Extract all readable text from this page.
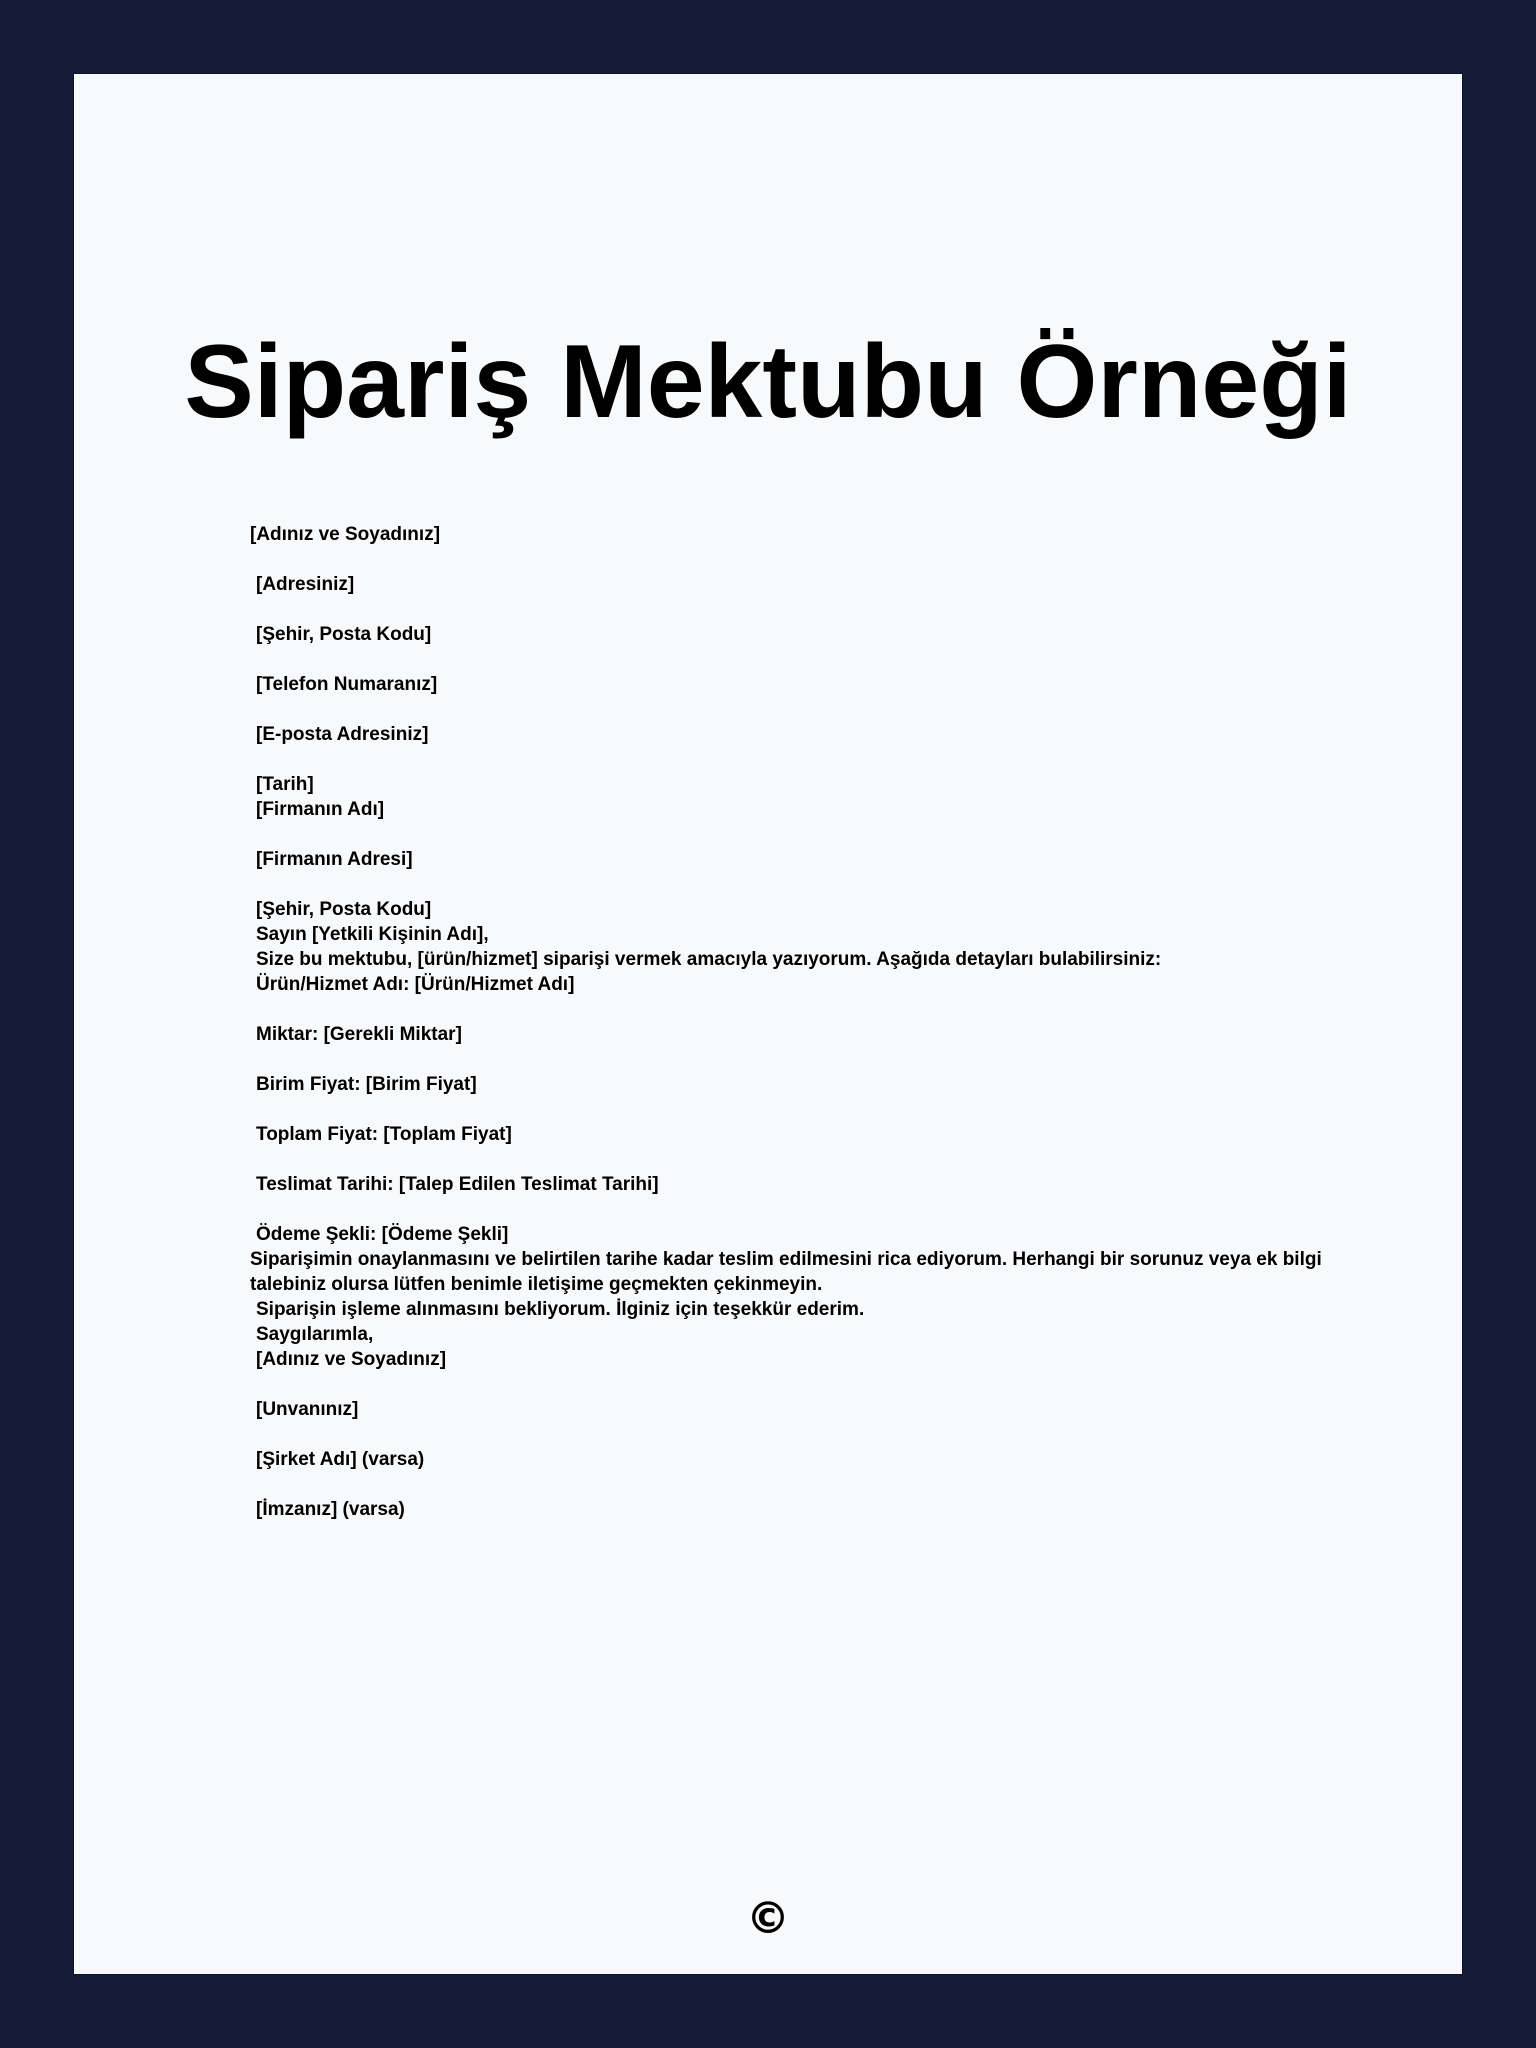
Sipariş Mektubu Örneği
[Adınız ve Soyadınız]
[Adresiniz]
[Şehir, Posta Kodu]
[Telefon Numaranız]
[E-posta Adresiniz]
[Tarih]
[Firmanın Adı]
[Firmanın Adresi]
[Şehir, Posta Kodu]
Sayın [Yetkili Kişinin Adı],
Size bu mektubu, [ürün/hizmet] siparişi vermek amacıyla yazıyorum. Aşağıda detayları bulabilirsiniz:
Ürün/Hizmet Adı: [Ürün/Hizmet Adı]
Miktar: [Gerekli Miktar]
Birim Fiyat: [Birim Fiyat]
Toplam Fiyat: [Toplam Fiyat]
Teslimat Tarihi: [Talep Edilen Teslimat Tarihi]
Ödeme Şekli: [Ödeme Şekli]
Siparişimin onaylanmasını ve belirtilen tarihe kadar teslim edilmesini rica ediyorum. Herhangi bir sorunuz veya ek bilgi talebiniz olursa lütfen benimle iletişime geçmekten çekinmeyin.
Siparişin işleme alınmasını bekliyorum. İlginiz için teşekkür ederim.
Saygılarımla,
[Adınız ve Soyadınız]
[Unvanınız]
[Şirket Adı] (varsa)
[İmzanız] (varsa)
©
